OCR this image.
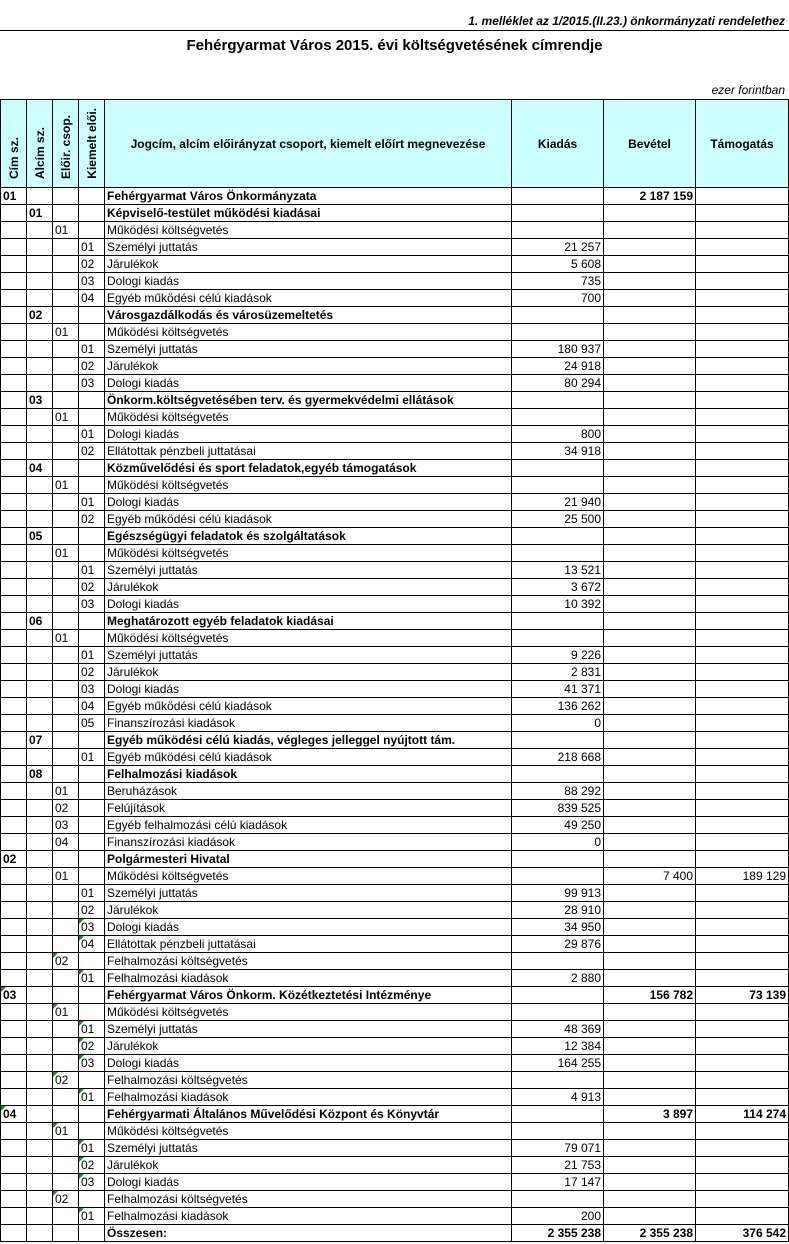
1. melléklet az 1/2015.(II.23.) önkormányzati rendelethez
Fehérgyarmat Város 2015. évi költségvetésének címrendje
ezer forintban
Cím sz.	Alcím sz.	Előir. csop.	Kiemelt elői.	Jogcím, alcím előirányzat csoport, kiemelt előírt megnevezése	Kiadás	Bevétel	Támogatás
01				Fehérgyarmat Város Önkormányzata		2 187 159	
	01			Képviselő-testület működési kiadásai			
		01		Működési költségvetés			
			01	Személyi juttatás	21 257		
			02	Járulékok	5 608		
			03	Dologi kiadás	735		
			04	Egyéb működési célú kiadások	700		
	02			Városgazdálkodás és városüzemeltetés			
		01		Működési költségvetés			
			01	Személyi juttatás	180 937		
			02	Járulékok	24 918		
			03	Dologi kiadás	80 294		
	03			Önkorm.költségvetésében terv. és gyermekvédelmi ellátások			
		01		Működési költségvetés			
			01	Dologi kiadás	800		
			02	Ellátottak pénzbeli juttatásai	34 918		
	04			Közművelődési és sport feladatok,egyéb támogatások			
		01		Működési költségvetés			
			01	Dologi kiadás	21 940		
			02	Egyéb működési célú kiadások	25 500		
	05			Egészségügyi feladatok és szolgáltatások			
		01		Működési költségvetés			
			01	Személyi juttatás	13 521		
			02	Járulékok	3 672		
			03	Dologi kiadás	10 392		
	06			Meghatározott egyéb feladatok kiadásai			
		01		Működési költségvetés			
			01	Személyi juttatás	9 226		
			02	Járulékok	2 831		
			03	Dologi kiadás	41 371		
			04	Egyéb működési célú kiadások	136 262		
			05	Finanszírozási kiadások	0		
	07			Egyéb működési célú kiadás, végleges jelleggel nyújtott tám.			
			01	Egyéb működési célú kiadások	218 668		
	08			Felhalmozási kiadások			
		01		Beruházások	88 292		
		02		Felújítások	839 525		
		03		Egyéb felhalmozási célú kiadások	49 250		
		04		Finanszírozási kiadások	0		
02				Polgármesteri Hivatal			
		01		Működési költségvetés		7 400	189 129
			01	Személyi juttatás	99 913		
			02	Járulékok	28 910		
			03	Dologi kiadás	34 950		
			04	Ellátottak pénzbeli juttatásai	29 876		
		02		Felhalmozási költségvetés			
			01	Felhalmozási kiadások	2 880		
03				Fehérgyarmat Város Önkorm. Közétkeztetési Intézménye		156 782	73 139
		01		Működési költségvetés			
			01	Személyi juttatás	48 369		
			02	Járulékok	12 384		
			03	Dologi kiadás	164 255		
		02		Felhalmozási költségvetés			
			01	Felhalmozási kiadások	4 913		
04				Fehérgyarmati Általános Művelődési Központ és Könyvtár		3 897	114 274
		01		Működési költségvetés			
			01	Személyi juttatás	79 071		
			02	Járulékok	21 753		
			03	Dologi kiadás	17 147		
		02		Felhalmozási költségvetés			
			01	Felhalmozási kiadások	200		
				Összesen:	2 355 238	2 355 238	376 542
